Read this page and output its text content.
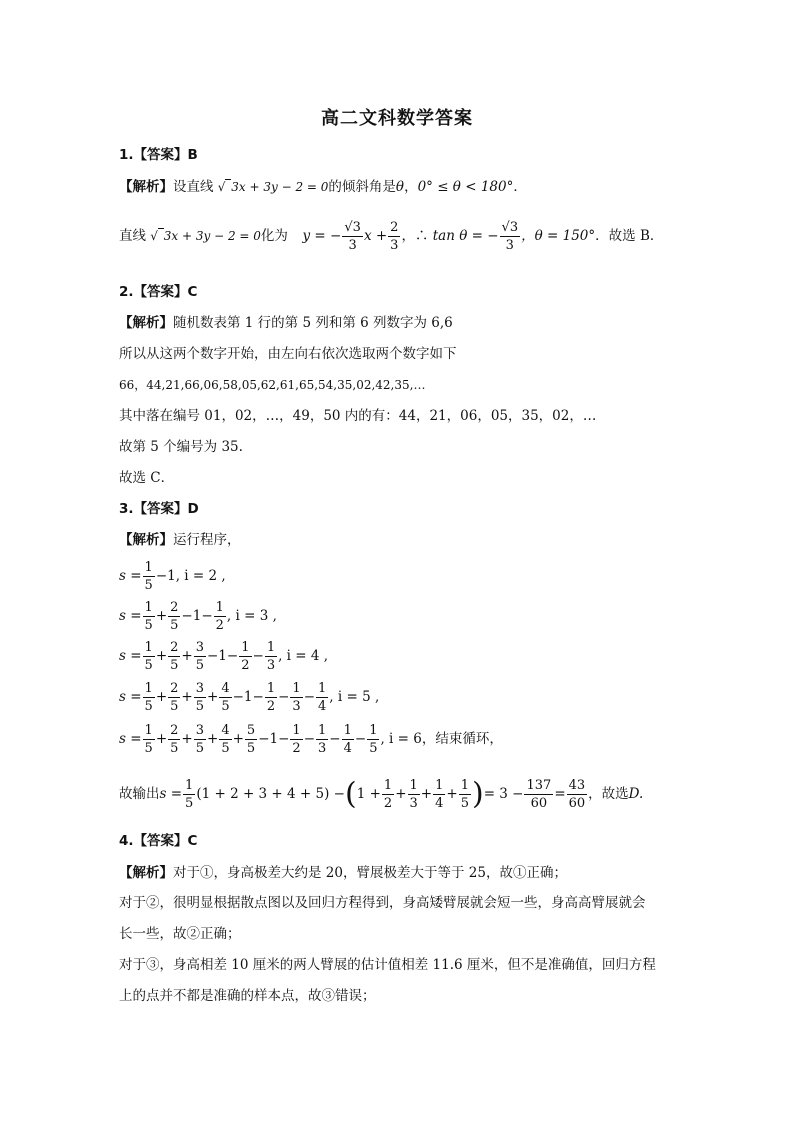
高二文科数学答案
1.【答案】B
【解析】设直线 √ 3x + 3y − 2 = 0的倾斜角是θ，0° ≤ θ < 180°．
直线 √ 3x + 3y − 2 = 0化为 y = − $\frac{√3}{3}$ $x + \frac{2}{3}$ ，∴ tan θ = − $\frac{√3}{3}$ ，θ = 150°．故选 B．
2.【答案】C
【解析】随机数表第 1 行的第 5 列和第 6 列数字为 6,6
所以从这两个数字开始，由左向右依次选取两个数字如下
66，44,21,66,06,58,05,62,61,65,54,35,02,42,35,…
其中落在编号 01，02，…，49，50 内的有：44，21，06，05，35，02，…
故第 5 个编号为 35.
故选 C．
3.【答案】D
【解析】运行程序，
$s = \frac{1}{5} -1$, i = 2 ,
$s = \frac{1}{5} + \frac{2}{5} -1- \frac{1}{2}$ , i = 3 ,
$s = \frac{1}{5} + \frac{2}{5} + \frac{3}{5} -1- \frac{1}{2} - \frac{1}{3}$ , i = 4 ,
$s = \frac{1}{5} + \frac{2}{5} + \frac{3}{5} + \frac{4}{5} -1- \frac{1}{2} - \frac{1}{3} - \frac{1}{4}$ , i = 5 ,
$s = \frac{1}{5} + \frac{2}{5} + \frac{3}{5} + \frac{4}{5} + \frac{5}{5} -1- \frac{1}{2} - \frac{1}{3} - \frac{1}{4} - \frac{1}{5}$ , i = 6，结束循环，
故输出$s = \frac{1}{5} (1 + 2 + 3 + 4 + 5) -(1 + \frac{1}{2} + \frac{1}{3} + \frac{1}{4} + \frac{1}{5}$ )= $3 - \frac{137}{60} = \frac{43}{60}$ ，故选D.
4.【答案】C
【解析】对于①，身高极差大约是 20，臂展极差大于等于 25，故①正确；
对于②，很明显根据散点图以及回归方程得到，身高矮臂展就会短一些，身高高臂展就会
长一些，故②正确；
对于③，身高相差 10 厘米的两人臂展的估计值相差 11.6 厘米，但不是准确值，回归方程
上的点并不都是准确的样本点，故③错误；
